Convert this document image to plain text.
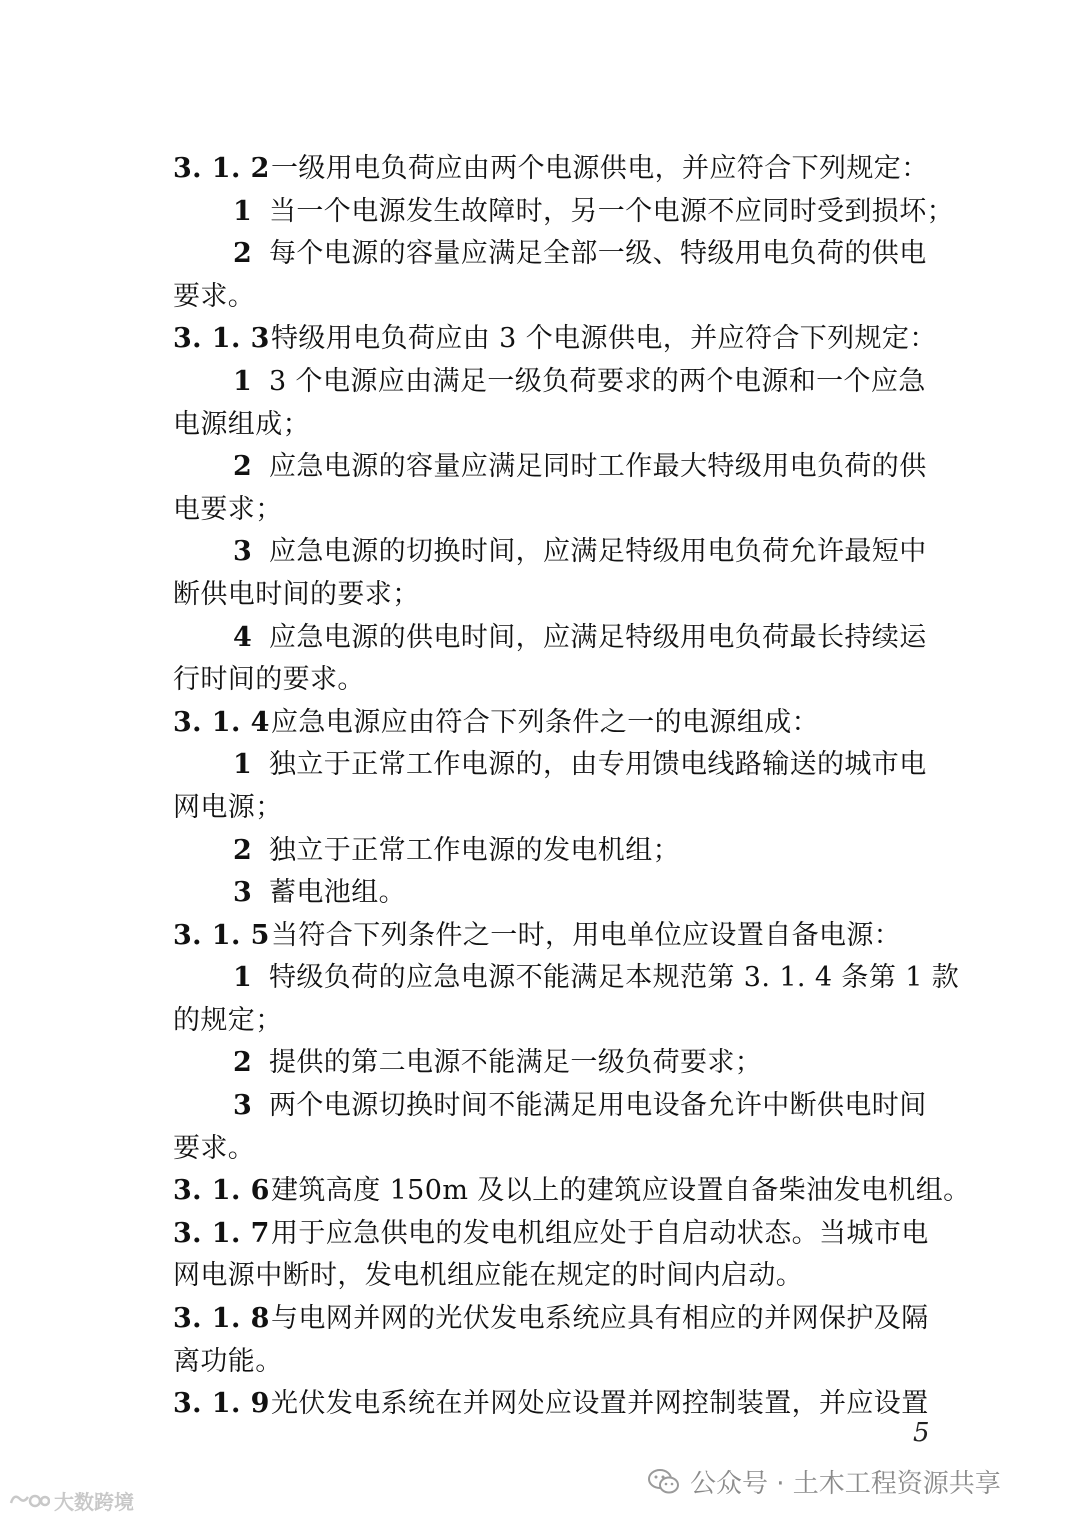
3. 1. 2一级用电负荷应由两个电源供电，并应符合下列规定：
1 当一个电源发生故障时，另一个电源不应同时受到损坏；
2 每个电源的容量应满足全部一级、特级用电负荷的供电
要求。
3. 1. 3特级用电负荷应由 3 个电源供电，并应符合下列规定：
1 3 个电源应由满足一级负荷要求的两个电源和一个应急
电源组成；
2 应急电源的容量应满足同时工作最大特级用电负荷的供
电要求；
3 应急电源的切换时间，应满足特级用电负荷允许最短中
断供电时间的要求；
4 应急电源的供电时间，应满足特级用电负荷最长持续运
行时间的要求。
3. 1. 4应急电源应由符合下列条件之一的电源组成：
1 独立于正常工作电源的，由专用馈电线路输送的城市电
网电源；
2 独立于正常工作电源的发电机组；
3 蓄电池组。
3. 1. 5当符合下列条件之一时，用电单位应设置自备电源：
1 特级负荷的应急电源不能满足本规范第 3. 1. 4 条第 1 款
的规定；
2 提供的第二电源不能满足一级负荷要求；
3 两个电源切换时间不能满足用电设备允许中断供电时间
要求。
3. 1. 6建筑高度 150m 及以上的建筑应设置自备柴油发电机组。
3. 1. 7用于应急供电的发电机组应处于自启动状态。当城市电
网电源中断时，发电机组应能在规定的时间内启动。
3. 1. 8与电网并网的光伏发电系统应具有相应的并网保护及隔
离功能。
3. 1. 9光伏发电系统在并网处应设置并网控制装置，并应设置
5
公众号 · 土木工程资源共享
大数跨境
